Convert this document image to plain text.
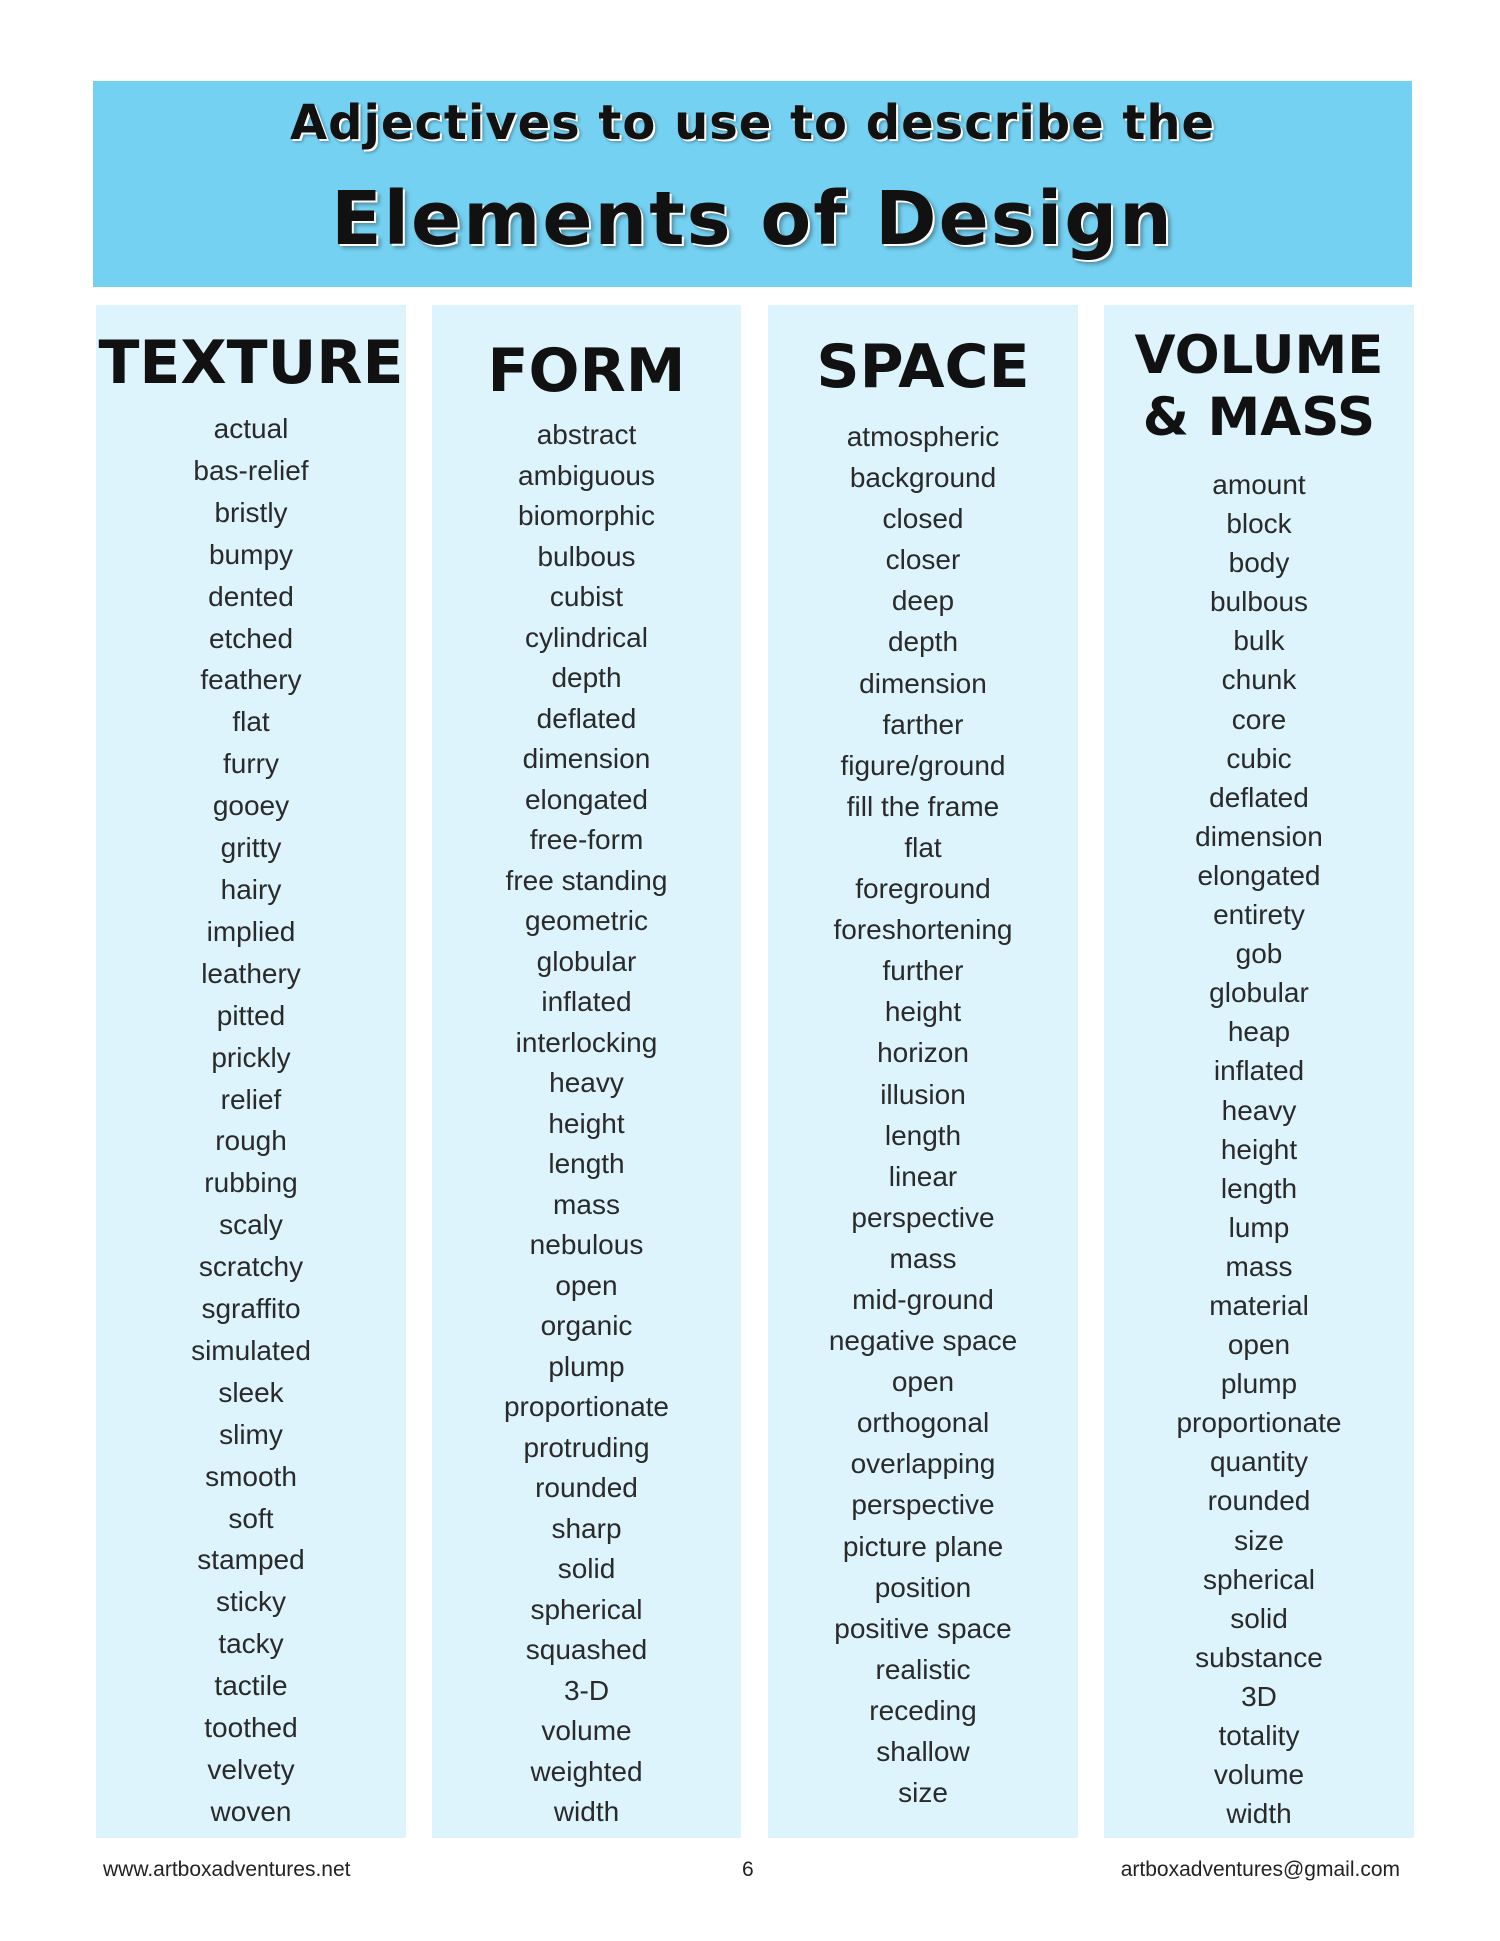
Adjectives to use to describe the
Elements of Design
TEXTURE
actual
bas-relief
bristly
bumpy
dented
etched
feathery
flat
furry
gooey
gritty
hairy
implied
leathery
pitted
prickly
relief
rough
rubbing
scaly
scratchy
sgraffito
simulated
sleek
slimy
smooth
soft
stamped
sticky
tacky
tactile
toothed
velvety
woven
FORM
abstract
ambiguous
biomorphic
bulbous
cubist
cylindrical
depth
deflated
dimension
elongated
free-form
free standing
geometric
globular
inflated
interlocking
heavy
height
length
mass
nebulous
open
organic
plump
proportionate
protruding
rounded
sharp
solid
spherical
squashed
3-D
volume
weighted
width
SPACE
atmospheric
background
closed
closer
deep
depth
dimension
farther
figure/ground
fill the frame
flat
foreground
foreshortening
further
height
horizon
illusion
length
linear
perspective
mass
mid-ground
negative space
open
orthogonal
overlapping
perspective
picture plane
position
positive space
realistic
receding
shallow
size
VOLUME
& MASS
amount
block
body
bulbous
bulk
chunk
core
cubic
deflated
dimension
elongated
entirety
gob
globular
heap
inflated
heavy
height
length
lump
mass
material
open
plump
proportionate
quantity
rounded
size
spherical
solid
substance
3D
totality
volume
width
www.artboxadventures.net	6	artboxadventures@gmail.com
